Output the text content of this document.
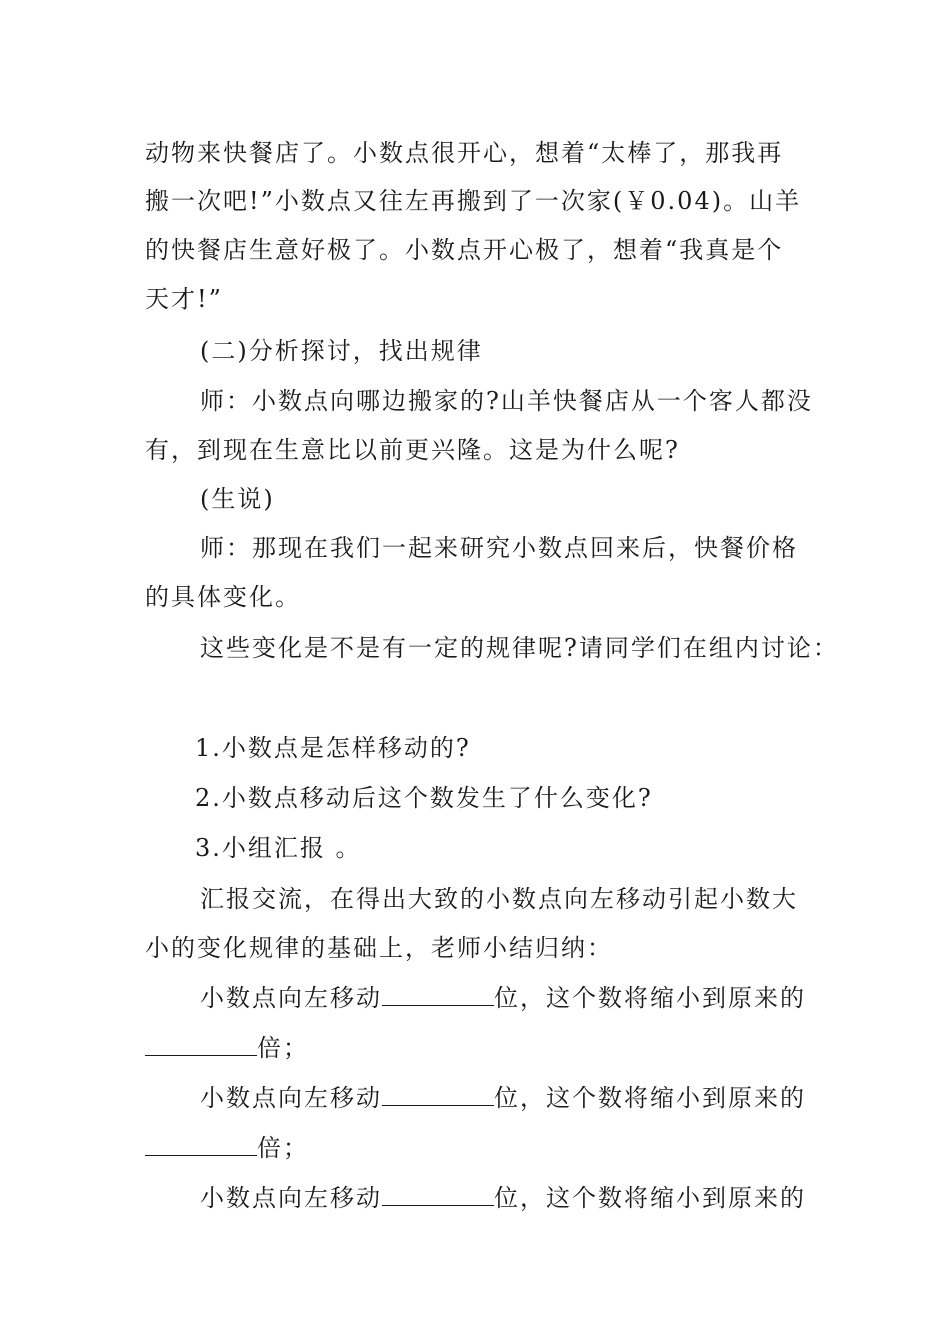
动物来快餐店了。小数点很开心，想着“太棒了，那我再
搬一次吧!”小数点又往左再搬到了一次家(￥0.04)。山羊
的快餐店生意好极了。小数点开心极了，想着“我真是个
天才!”
(二)分析探讨，找出规律
师：小数点向哪边搬家的?山羊快餐店从一个客人都没
有，到现在生意比以前更兴隆。这是为什么呢?
(生说)
师：那现在我们一起来研究小数点回来后，快餐价格
的具体变化。
这些变化是不是有一定的规律呢?请同学们在组内讨论：
1.小数点是怎样移动的?
2.小数点移动后这个数发生了什么变化?
3.小组汇报 。
汇报交流，在得出大致的小数点向左移动引起小数大
小的变化规律的基础上，老师小结归纳：
小数点向左移动	位，这个数将缩小到原来的
倍；
小数点向左移动	位，这个数将缩小到原来的
倍；
小数点向左移动	位，这个数将缩小到原来的
